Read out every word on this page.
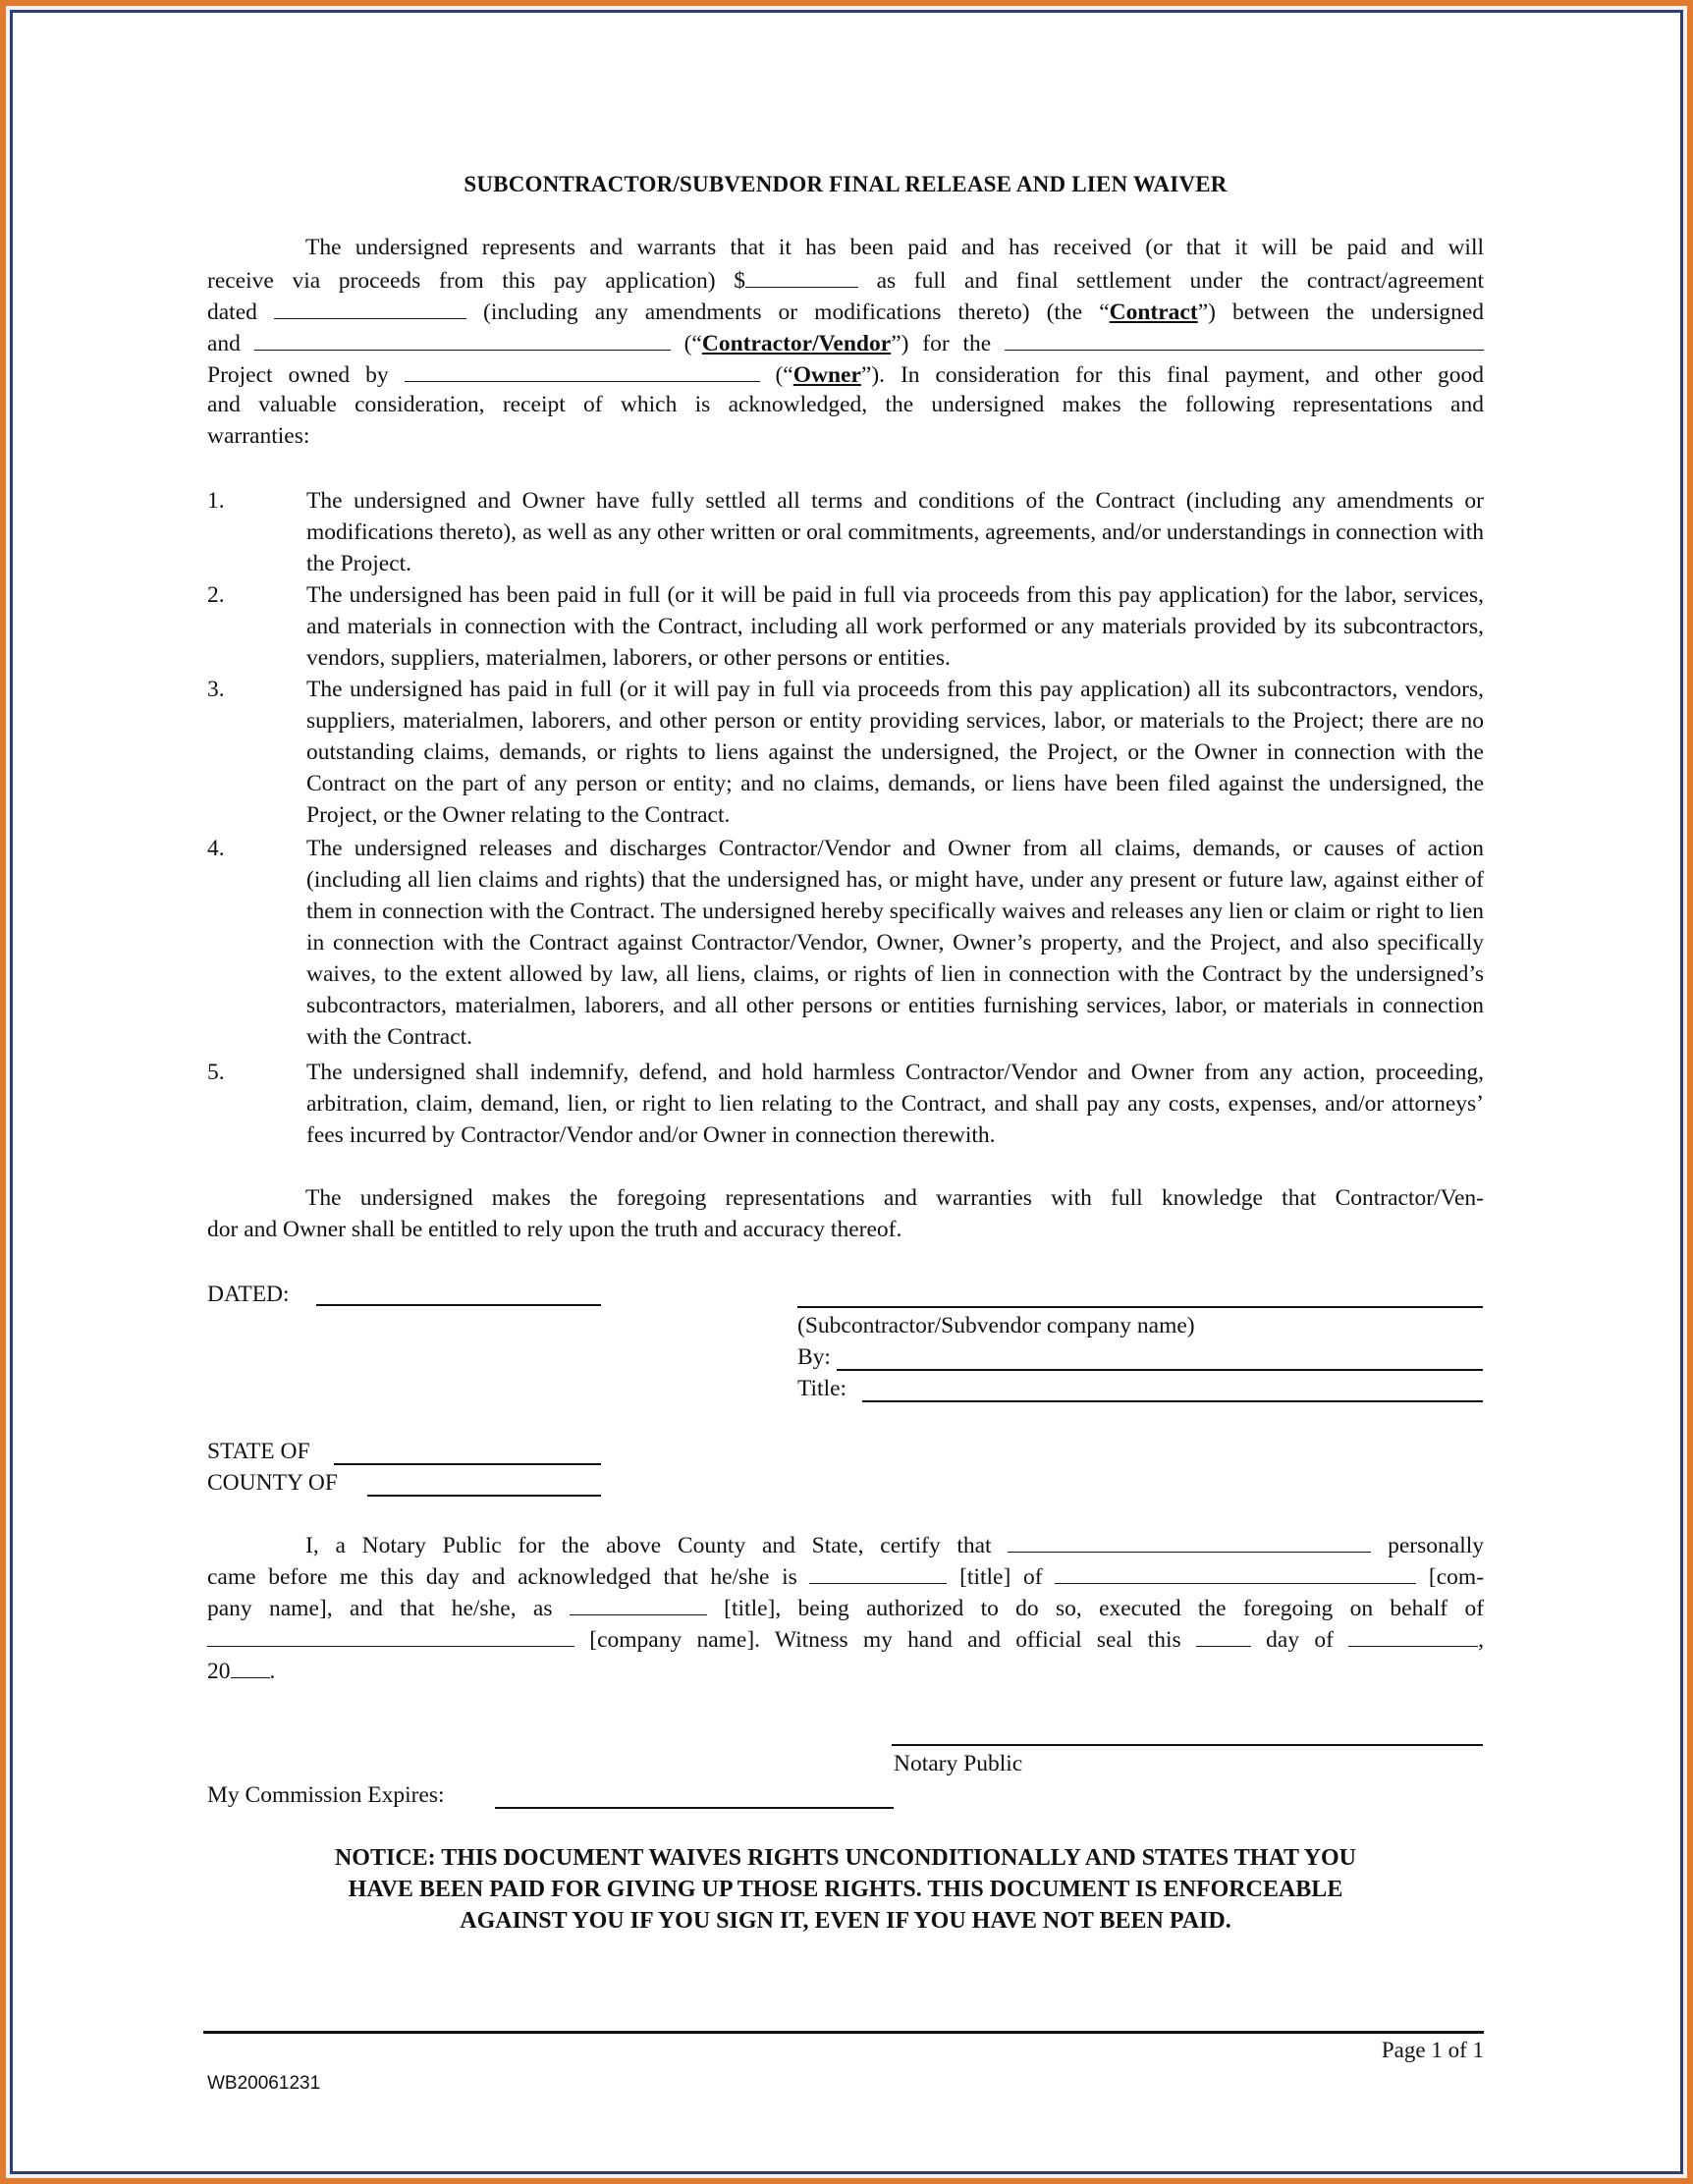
SUBCONTRACTOR/SUBVENDOR FINAL RELEASE AND LIEN WAIVER
The undersigned represents and warrants that it has been paid and has received (or that it will be paid and will
receive via proceeds from this pay application) $	as full and final settlement under the contract/agreement
dated	(including any amendments or modifications thereto) (the “Contract”) between the undersigned
and	(“Contractor/Vendor”) for the
Project owned by	(“Owner”). In consideration for this final payment, and other good
and valuable consideration, receipt of which is acknowledged, the undersigned makes the following representations and
warranties:
1.	The undersigned and Owner have fully settled all terms and conditions of the Contract (including any amendments or modifications thereto), as well as any other written or oral commitments, agreements, and/or understandings in connection with the Project.

2.	The undersigned has been paid in full (or it will be paid in full via proceeds from this pay application) for the labor, services, and materials in connection with the Contract, including all work performed or any materials provided by its subcontractors, vendors, suppliers, materialmen, laborers, or other persons or entities.

3.	The undersigned has paid in full (or it will pay in full via proceeds from this pay application) all its subcontractors, vendors, suppliers, materialmen, laborers, and other person or entity providing services, labor, or materials to the Project; there are no outstanding claims, demands, or rights to liens against the undersigned, the Project, or the Owner in connection with the Contract on the part of any person or entity; and no claims, demands, or liens have been filed against the undersigned, the Project, or the Owner relating to the Contract.

4.	The undersigned releases and discharges Contractor/Vendor and Owner from all claims, demands, or causes of action (including all lien claims and rights) that the undersigned has, or might have, under any present or future law, against either of them in connection with the Contract. The undersigned hereby specifically waives and releases any lien or claim or right to lien in connection with the Contract against Contractor/Vendor, Owner, Owner’s property, and the Project, and also specifically waives, to the extent allowed by law, all liens, claims, or rights of lien in connection with the Contract by the undersigned’s subcontractors, materialmen, laborers, and all other persons or entities furnishing services, labor, or materials in connection with the Contract.

5.	The undersigned shall indemnify, defend, and hold harmless Contractor/Vendor and Owner from any action, proceeding, arbitration, claim, demand, lien, or right to lien relating to the Contract, and shall pay any costs, expenses, and/or attorneys’ fees incurred by Contractor/Vendor and/or Owner in connection therewith.

The undersigned makes the foregoing representations and warranties with full knowledge that Contractor/Ven-
dor and Owner shall be entitled to rely upon the truth and accuracy thereof.
DATED:
(Subcontractor/Subvendor company name)
By:
Title:
STATE OF
COUNTY OF
I, a Notary Public for the above County and State, certify that	personally
came before me this day and acknowledged that he/she is	[title] of	[com-
pany name], and that he/she, as	[title], being authorized to do so, executed the foregoing on behalf of
[company name]. Witness my hand and official seal this	day of	,
20 .
Notary Public
My Commission Expires:
NOTICE: THIS DOCUMENT WAIVES RIGHTS UNCONDITIONALLY AND STATES THAT YOU
HAVE BEEN PAID FOR GIVING UP THOSE RIGHTS. THIS DOCUMENT IS ENFORCEABLE
AGAINST YOU IF YOU SIGN IT, EVEN IF YOU HAVE NOT BEEN PAID.
Page 1 of 1
WB20061231
